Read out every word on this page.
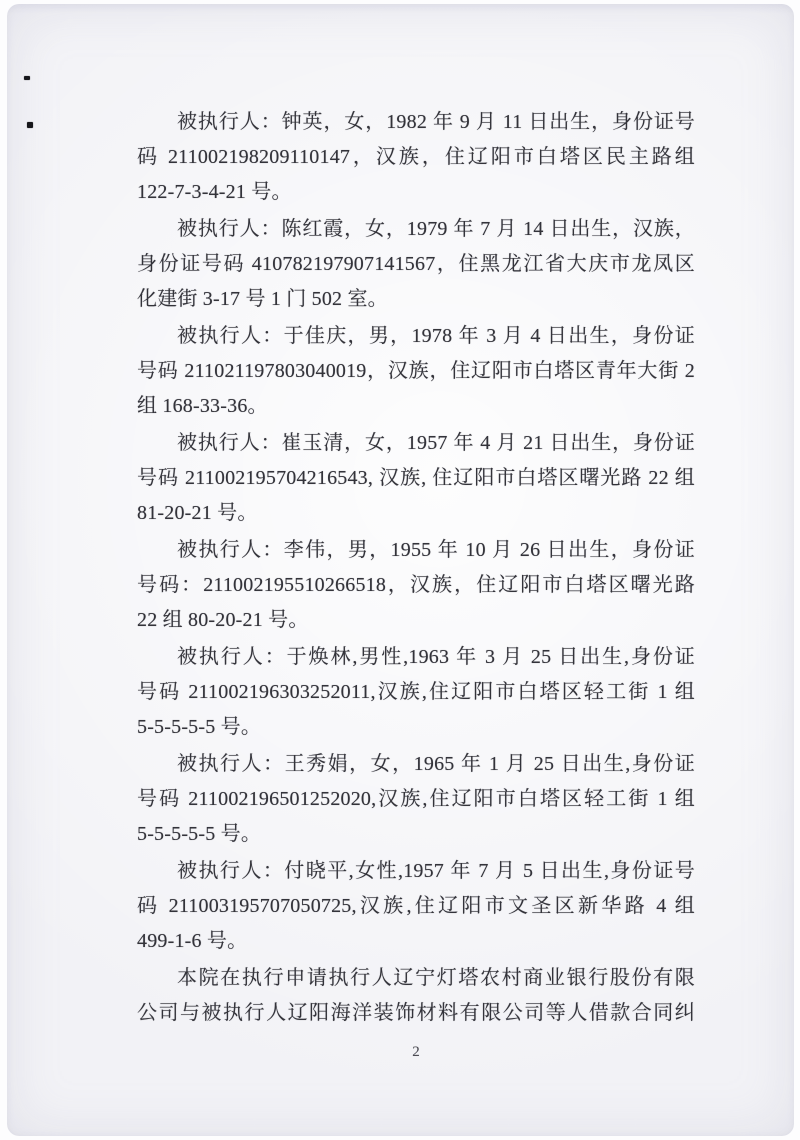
被执行人：钟英，女，1982 年 9 月 11 日出生，身份证号
码 211002198209110147，汉族，住辽阳市白塔区民主路组
122-7-3-4-21 号。
被执行人：陈红霞，女，1979 年 7 月 14 日出生，汉族，
身份证号码 410782197907141567，住黑龙江省大庆市龙凤区
化建街 3-17 号 1 门 502 室。
被执行人：于佳庆，男，1978 年 3 月 4 日出生，身份证
号码 211021197803040019，汉族，住辽阳市白塔区青年大街 2
组 168-33-36。
被执行人：崔玉清，女，1957 年 4 月 21 日出生，身份证
号码 211002195704216543, 汉族, 住辽阳市白塔区曙光路 22 组
81-20-21 号。
被执行人：李伟，男，1955 年 10 月 26 日出生，身份证
号码：211002195510266518，汉族，住辽阳市白塔区曙光路
22 组 80-20-21 号。
被执行人：于焕林,男性,1963 年 3 月 25 日出生,身份证
号码 211002196303252011,汉族,住辽阳市白塔区轻工街 1 组
5-5-5-5-5 号。
被执行人：王秀娟，女，1965 年 1 月 25 日出生,身份证
号码 211002196501252020,汉族,住辽阳市白塔区轻工街 1 组
5-5-5-5-5 号。
被执行人：付晓平,女性,1957 年 7 月 5 日出生,身份证号
码 211003195707050725,汉族,住辽阳市文圣区新华路 4 组
499-1-6 号。
本院在执行申请执行人辽宁灯塔农村商业银行股份有限
公司与被执行人辽阳海洋装饰材料有限公司等人借款合同纠
2
